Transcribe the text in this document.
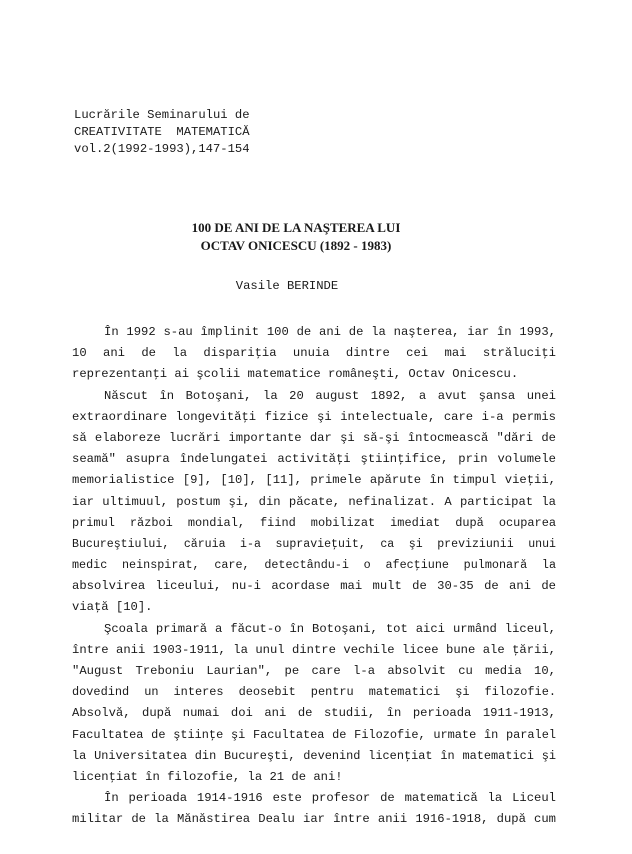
Lucrările Seminarului de
CREATIVITATE  MATEMATICĂ
vol.2(1992-1993),147-154
100 DE ANI DE LA NAŞTEREA LUI
OCTAV ONICESCU (1892 - 1983)
Vasile BERINDE
În 1992 s-au împlinit 100 de ani de la naşterea, iar în 1993,
10 ani de la dispariţia unuia dintre cei mai străluciţi
reprezentanţi ai şcolii matematice româneşti, Octav Onicescu.
Născut în Botoşani, la 20 august 1892, a avut şansa unei
extraordinare longevităţi fizice şi intelectuale, care i-a permis
să elaboreze lucrări importante dar şi să-şi întocmească "dări de
seamă" asupra îndelungatei activităţi ştiinţifice, prin volumele
memorialistice [9], [10], [11], primele apărute în timpul vieţii,
iar ultimuul, postum şi, din păcate, nefinalizat. A participat la
primul război mondial, fiind mobilizat imediat după ocuparea
Bucureştiului, căruia i-a supravieţuit, ca şi previziunii unui
medic neinspirat, care, detectându-i o afecţiune pulmonară la
absolvirea liceului, nu-i acordase mai mult de 30-35 de ani de
viaţă [10].
Şcoala primară a făcut-o în Botoşani, tot aici urmând liceul,
între anii 1903-1911, la unul dintre vechile licee bune ale ţării,
"August Treboniu Laurian", pe care l-a absolvit cu media 10,
dovedind un interes deosebit pentru matematici şi filozofie.
Absolvă, după numai doi ani de studii, în perioada 1911-1913,
Facultatea de ştiinţe şi Facultatea de Filozofie, urmate în paralel
la Universitatea din Bucureşti, devenind licenţiat în matematici şi
licenţiat în filozofie, la 21 de ani!
În perioada 1914-1916 este profesor de matematică la Liceul
militar de la Mănăstirea Dealu iar între anii 1916-1918, după cum
